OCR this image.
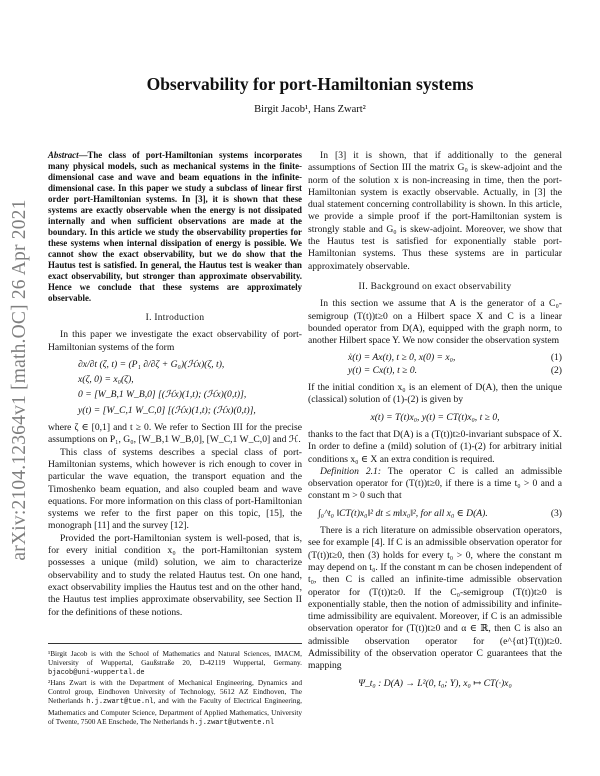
arXiv:2104.12364v1 [math.OC] 26 Apr 2021
Observability for port-Hamiltonian systems
Birgit Jacob¹, Hans Zwart²

Abstract—The class of port-Hamiltonian systems incorporates many physical models, such as mechanical systems in the finite-dimensional case and wave and beam equations in the infinite-dimensional case. In this paper we study a subclass of linear first order port-Hamiltonian systems. In [3], it is shown that these systems are exactly observable when the energy is not dissipated internally and when sufficient observations are made at the boundary. In this article we study the observability properties for these systems when internal dissipation of energy is possible. We cannot show the exact observability, but we do show that the Hautus test is satisfied. In general, the Hautus test is weaker than exact observability, but stronger than approximate observability. Hence we conclude that these systems are approximately observable.

I. Introduction

In this paper we investigate the exact observability of port-Hamiltonian systems of the form

∂x/∂t (ζ, t) = (P₁ ∂/∂ζ + G₀)(ℋx)(ζ, t),
x(ζ, 0) = x₀(ζ),
0 = [W_B,1 W_B,0] [(ℋx)(1,t); (ℋx)(0,t)],
y(t) = [W_C,1 W_C,0] [(ℋx)(1,t); (ℋx)(0,t)],

where ζ ∈ [0,1] and t ≥ 0. We refer to Section III for the precise assumptions on P₁, G₀, [W_B,1 W_B,0], [W_C,1 W_C,0] and ℋ.

This class of systems describes a special class of port-Hamiltonian systems, which however is rich enough to cover in particular the wave equation, the transport equation and the Timoshenko beam equation, and also coupled beam and wave equations. For more information on this class of port-Hamiltonian systems we refer to the first paper on this topic, [15], the monograph [11] and the survey [12].

Provided the port-Hamiltonian system is well-posed, that is, for every initial condition x₀ the port-Hamiltonian system possesses a unique (mild) solution, we aim to characterize observability and to study the related Hautus test. On one hand, exact observability implies the Hautus test and on the other hand, the Hautus test implies approximate observability, see Section II for the definitions of these notions.

¹Birgit Jacob is with the School of Mathematics and Natural Sciences, IMACM, University of Wuppertal, Gaußstraße 20, D-42119 Wuppertal, Germany. bjacob@uni-wuppertal.de
²Hans Zwart is with the Department of Mechanical Engineering, Dynamics and Control group, Eindhoven University of Technology, 5612 AZ Eindhoven, The Netherlands h.j.zwart@tue.nl, and with the Faculty of Electrical Engineering, Mathematics and Computer Science, Department of Applied Mathematics, University of Twente, 7500 AE Enschede, The Netherlands h.j.zwart@utwente.nl

In [3] it is shown, that if additionally to the general assumptions of Section III the matrix G₀ is skew-adjoint and the norm of the solution x is non-increasing in time, then the port-Hamiltonian system is exactly observable. Actually, in [3] the dual statement concerning controllability is shown. In this article, we provide a simple proof if the port-Hamiltonian system is strongly stable and G₀ is skew-adjoint. Moreover, we show that the Hautus test is satisfied for exponentially stable port-Hamiltonian systems. Thus these systems are in particular approximately observable.

II. Background on exact observability

In this section we assume that A is the generator of a C₀-semigroup (T(t))t≥0 on a Hilbert space X and C is a linear bounded operator from D(A), equipped with the graph norm, to another Hilbert space Y. We now consider the observation system

ẋ(t) = Ax(t), t ≥ 0, x(0) = x₀,	(1)
y(t) = Cx(t), t ≥ 0.	(2)

If the initial condition x₀ is an element of D(A), then the unique (classical) solution of (1)-(2) is given by

x(t) = T(t)x₀, y(t) = CT(t)x₀, t ≥ 0,

thanks to the fact that D(A) is a (T(t))t≥0-invariant subspace of X. In order to define a (mild) solution of (1)-(2) for arbitrary initial conditions x₀ ∈ X an extra condition is required.

Definition 2.1: The operator C is called an admissible observation operator for (T(t))t≥0, if there is a time t₀ > 0 and a constant m > 0 such that

∫₀^t₀ ‖CT(t)x₀‖² dt ≤ m‖x₀‖², for all x₀ ∈ D(A).	(3)

There is a rich literature on admissible observation operators, see for example [4]. If C is an admissible observation operator for (T(t))t≥0, then (3) holds for every t₀ > 0, where the constant m may depend on t₀. If the constant m can be chosen independent of t₀, then C is called an infinite-time admissible observation operator for (T(t))t≥0. If the C₀-semigroup (T(t))t≥0 is exponentially stable, then the notion of admissibility and infinite-time admissibility are equivalent. Moreover, if C is an admissible observation operator for (T(t))t≥0 and α ∈ ℝ, then C is also an admissible observation operator for (e^{αt}T(t))t≥0. Admissibility of the observation operator C guarantees that the mapping

Ψ_t₀ : D(A) → L²(0, t₀; Y), x₀ ↦ CT(·)x₀
